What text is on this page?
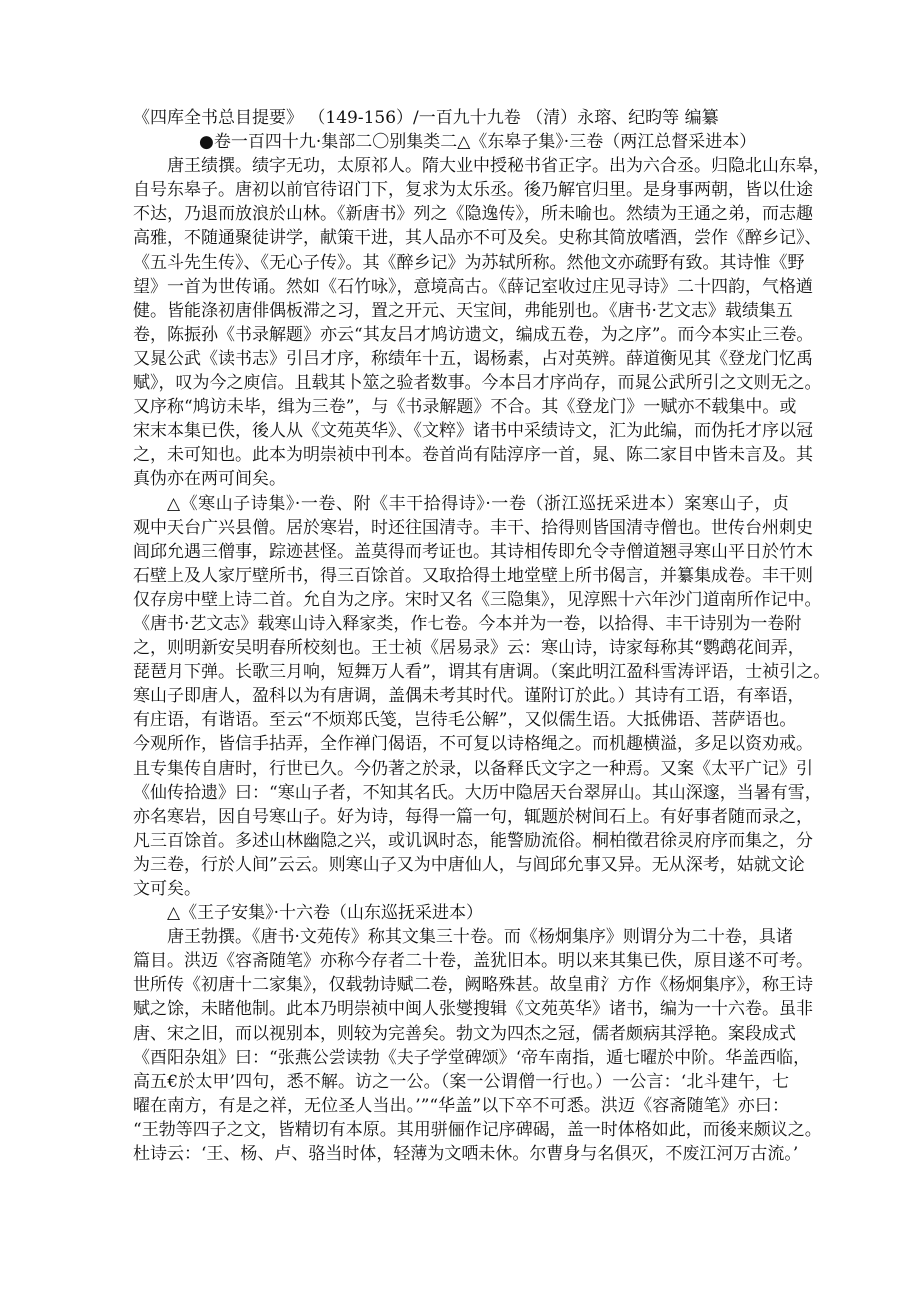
《四库全书总目提要》 （149-156）/一百九十九卷 （清）永瑢、纪昀等 编纂
●卷一百四十九·集部二〇别集类二△《东皋子集》·三卷（两江总督采进本）
唐王绩撰。绩字无功，太原祁人。隋大业中授秘书省正字。出为六合丞。归隐北山东皋，
自号东皋子。唐初以前官待诏门下，复求为太乐丞。後乃解官归里。是身事两朝，皆以仕途
不达，乃退而放浪於山林。《新唐书》列之《隐逸传》，所未喻也。然绩为王通之弟，而志趣
高雅，不随通聚徒讲学，献策干进，其人品亦不可及矣。史称其简放嗜酒，尝作《醉乡记》、
《五斗先生传》、《无心子传》。其《醉乡记》为苏轼所称。然他文亦疏野有致。其诗惟《野
望》一首为世传诵。然如《石竹咏》，意境高古。《薛记室收过庄见寻诗》二十四韵，气格遒
健。皆能涤初唐俳偶板滞之习，置之开元、天宝间，弗能别也。《唐书·艺文志》载绩集五
卷，陈振孙《书录解题》亦云“其友吕才鸠访遗文，编成五卷，为之序”。而今本实止三卷。
又晁公武《读书志》引吕才序，称绩年十五，谒杨素，占对英辨。薛道衡见其《登龙门忆禹
赋》，叹为今之庾信。且载其卜筮之验者数事。今本吕才序尚存，而晁公武所引之文则无之。
又序称“鸠访未毕，缉为三卷”，与《书录解题》不合。其《登龙门》一赋亦不载集中。或
宋末本集已佚，後人从《文苑英华》、《文粹》诸书中采绩诗文，汇为此编，而伪托才序以冠
之，未可知也。此本为明崇祯中刊本。卷首尚有陆淳序一首，晁、陈二家目中皆未言及。其
真伪亦在两可间矣。
△《寒山子诗集》·一卷、附《丰干拾得诗》·一卷（浙江巡抚采进本）案寒山子，贞
观中天台广兴县僧。居於寒岩，时还往国清寺。丰干、拾得则皆国清寺僧也。世传台州刺史
闾邱允遇三僧事，踪迹甚怪。盖莫得而考证也。其诗相传即允令寺僧道翘寻寒山平日於竹木
石壁上及人家厅壁所书，得三百馀首。又取拾得土地堂壁上所书偈言，并纂集成卷。丰干则
仅存房中壁上诗二首。允自为之序。宋时又名《三隐集》，见淳熙十六年沙门道南所作记中。
《唐书·艺文志》载寒山诗入释家类，作七卷。今本并为一卷，以拾得、丰干诗别为一卷附
之，则明新安吴明春所校刻也。王士祯《居易录》云：寒山诗，诗家每称其“鹦鹉花间弄，
琵琶月下弹。长歌三月响，短舞万人看”，谓其有唐调。（案此明江盈科雪涛评语，士祯引之。
寒山子即唐人，盈科以为有唐调，盖偶未考其时代。谨附订於此。）其诗有工语，有率语，
有庄语，有谐语。至云“不烦郑氏笺，岂待毛公解”，又似儒生语。大抵佛语、菩萨语也。
今观所作，皆信手拈弄，全作禅门偈语，不可复以诗格绳之。而机趣横溢，多足以资劝戒。
且专集传自唐时，行世已久。今仍著之於录，以备释氏文字之一种焉。又案《太平广记》引
《仙传拾遗》曰：“寒山子者，不知其名氏。大历中隐居天台翠屏山。其山深邃，当暑有雪，
亦名寒岩，因自号寒山子。好为诗，每得一篇一句，辄题於树间石上。有好事者随而录之，
凡三百馀首。多述山林幽隐之兴，或讥讽时态，能警励流俗。桐柏徵君徐灵府序而集之，分
为三卷，行於人间”云云。则寒山子又为中唐仙人，与闾邱允事又异。无从深考，姑就文论
文可矣。
△《王子安集》·十六卷（山东巡抚采进本）
唐王勃撰。《唐书·文苑传》称其文集三十卷。而《杨炯集序》则谓分为二十卷，具诸
篇目。洪迈《容斋随笔》亦称今存者二十卷，盖犹旧本。明以来其集已佚，原目遂不可考。
世所传《初唐十二家集》，仅载勃诗赋二卷，阙略殊甚。故皇甫氵方作《杨炯集序》，称王诗
赋之馀，未睹他制。此本乃明崇祯中闽人张燮搜辑《文苑英华》诸书，编为一十六卷。虽非
唐、宋之旧，而以视别本，则较为完善矣。勃文为四杰之冠，儒者颇病其浮艳。案段成式
《酉阳杂俎》曰：“张燕公尝读勃《夫子学堂碑颂》‘帝车南指，遁七曜於中阶。华盖西临，
高五€於太甲’四句，悉不解。访之一公。（案一公谓僧一行也。）一公言：‘北斗建午，七
曜在南方，有是之祥，无位圣人当出。’”“华盖”以下卒不可悉。洪迈《容斋随笔》亦曰：
“王勃等四子之文，皆精切有本原。其用骈俪作记序碑碣，盖一时体格如此，而後来颇议之。
杜诗云：‘王、杨、卢、骆当时体，轻薄为文哂未休。尔曹身与名俱灭，不废江河万古流。’
